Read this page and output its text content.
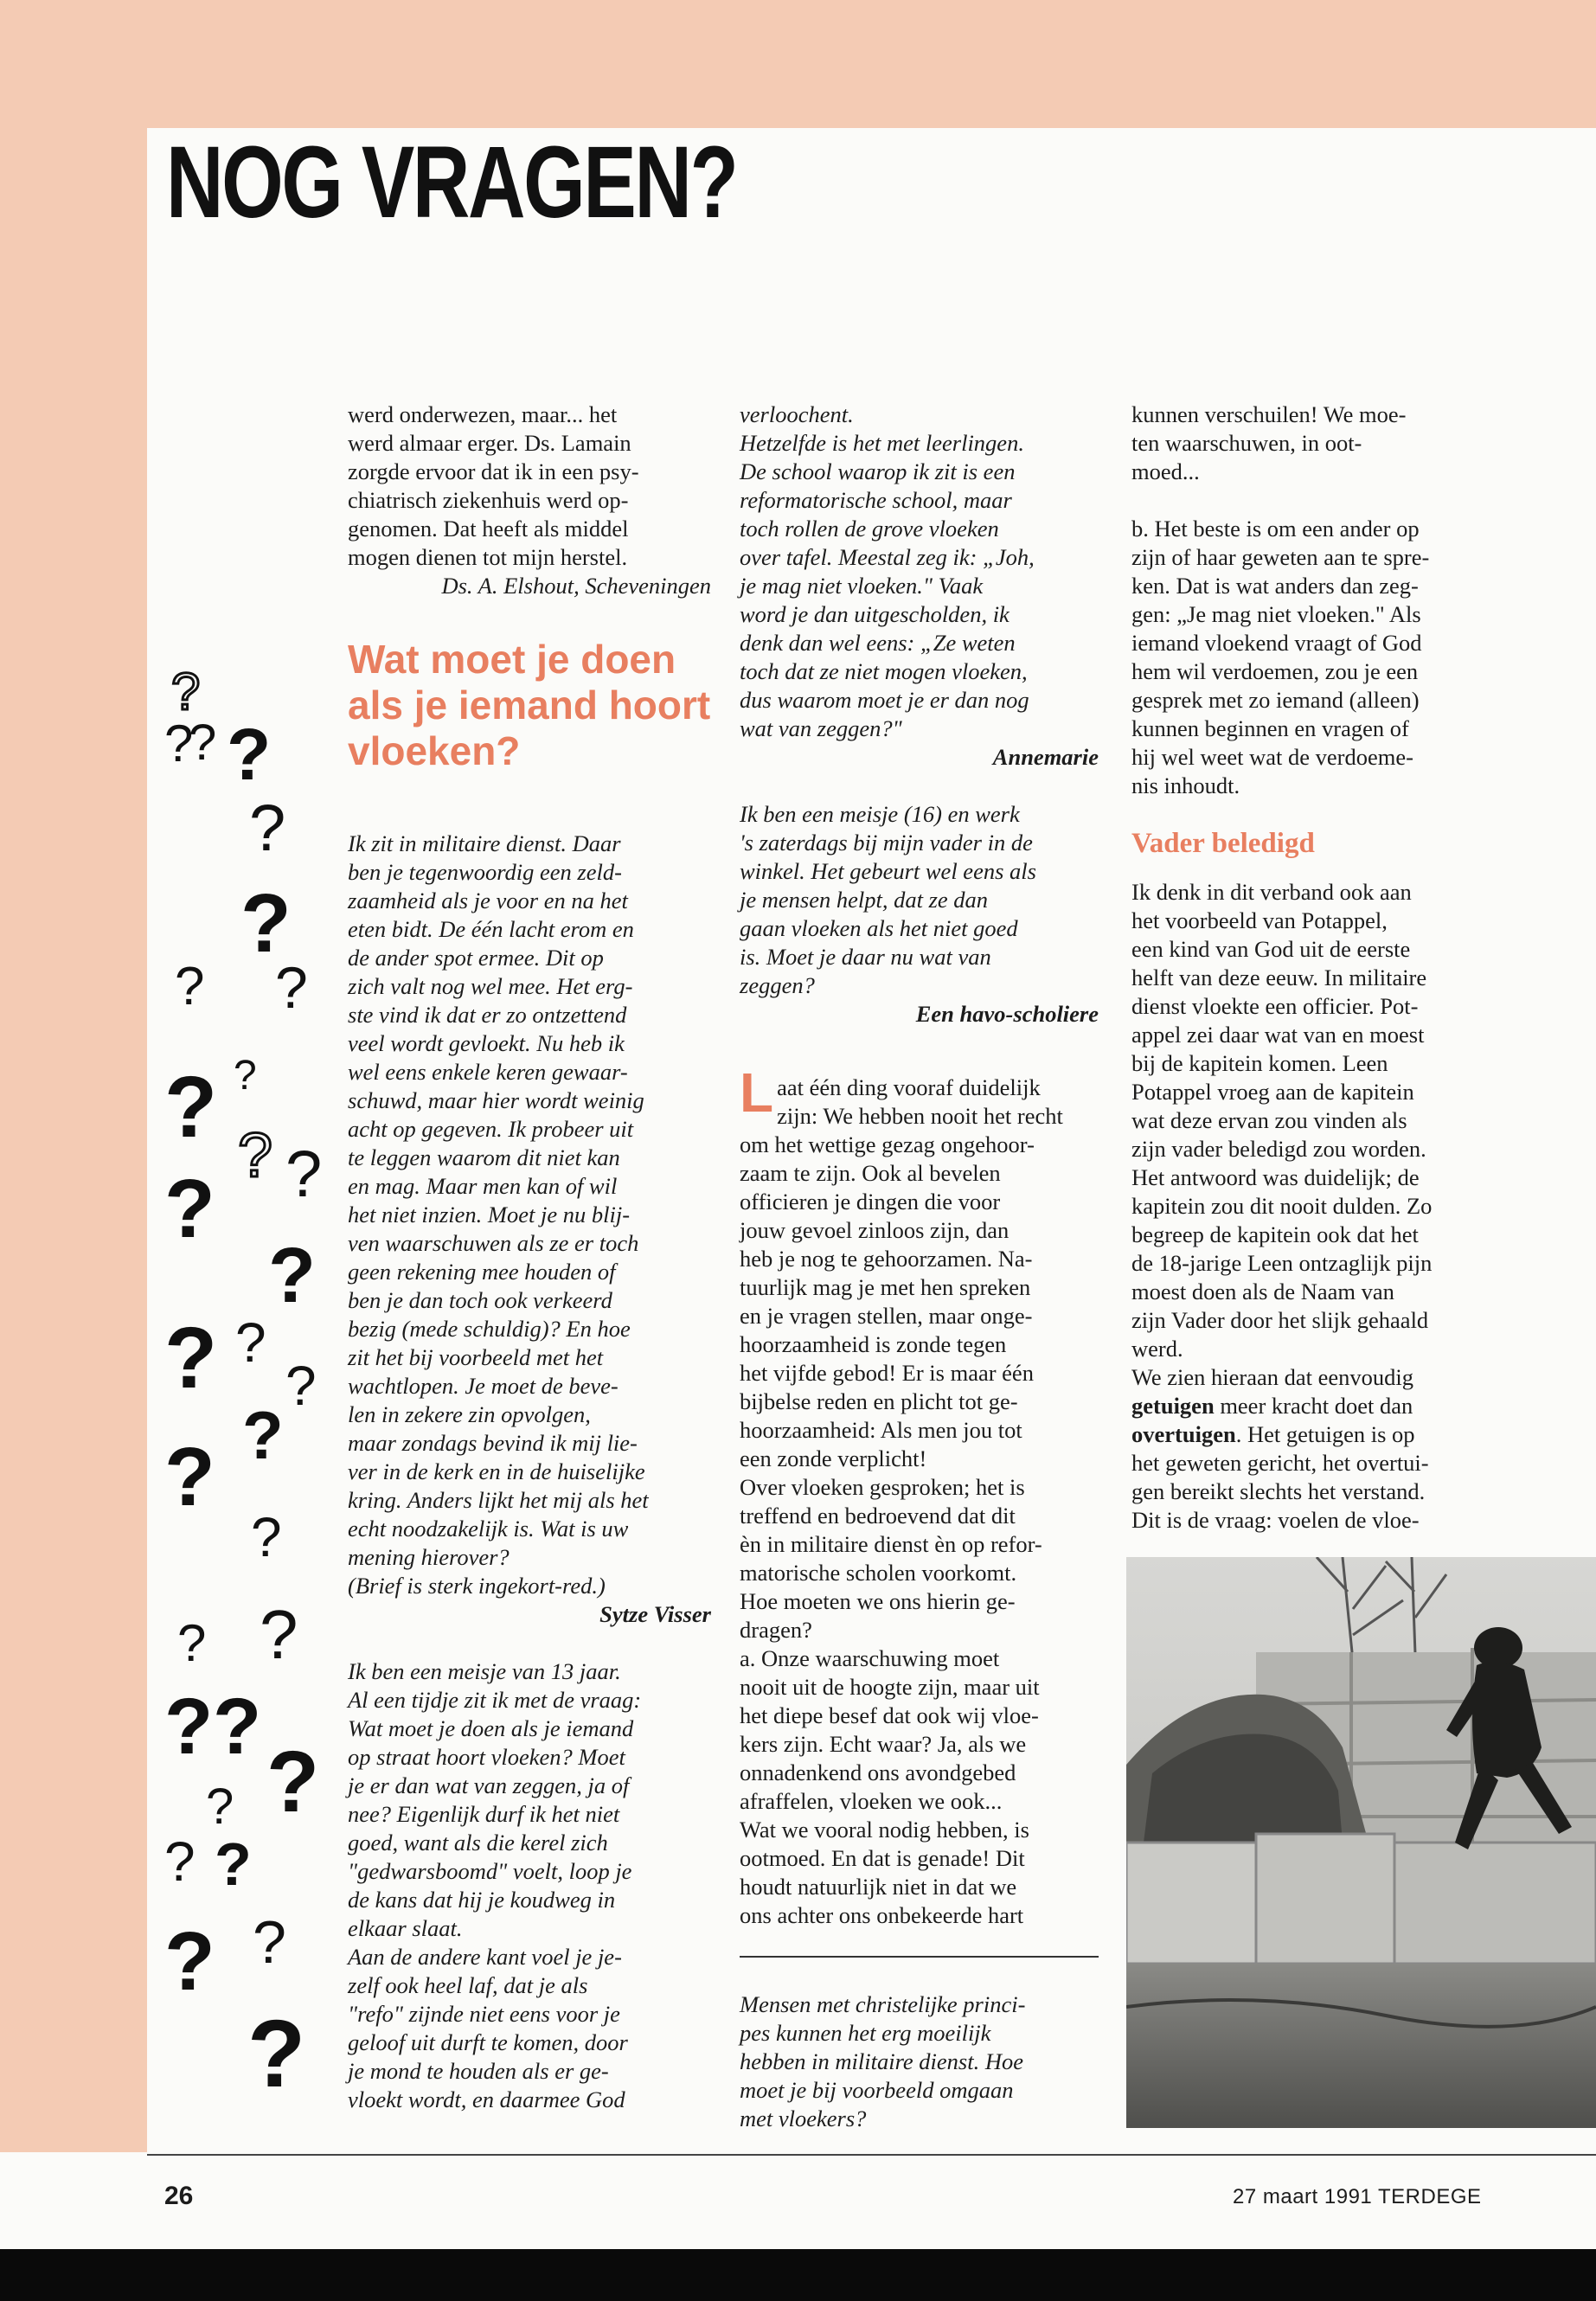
NOG VRAGEN?
?
?
? ?
?
?
? ?
?
? ? ?
?
?
? ?
?
?
?
?
?
?
? ?
?
?
? ?
? ?
?

werd onderwezen, maar... het

werd almaar erger. Ds. Lamain

zorgde ervoor dat ik in een psy-

chiatrisch ziekenhuis werd op-

genomen. Dat heeft als middel

mogen dienen tot mijn herstel.

Ds. A. Elshout, Scheveningen

Wat moet je doen als je iemand hoort vloeken?

Ik zit in militaire dienst. Daar

ben je tegenwoordig een zeld-

zaamheid als je voor en na het

eten bidt. De één lacht erom en

de ander spot ermee. Dit op

zich valt nog wel mee. Het erg-

ste vind ik dat er zo ontzettend

veel wordt gevloekt. Nu heb ik

wel eens enkele keren gewaar-

schuwd, maar hier wordt weinig

acht op gegeven. Ik probeer uit

te leggen waarom dit niet kan

en mag. Maar men kan of wil

het niet inzien. Moet je nu blij-

ven waarschuwen als ze er toch

geen rekening mee houden of

ben je dan toch ook verkeerd

bezig (mede schuldig)? En hoe

zit het bij voorbeeld met het

wachtlopen. Je moet de beve-

len in zekere zin opvolgen,

maar zondags bevind ik mij lie-

ver in de kerk en in de huiselijke

kring. Anders lijkt het mij als het

echt noodzakelijk is. Wat is uw

mening hierover?

(Brief is sterk ingekort-red.)

Sytze Visser

Ik ben een meisje van 13 jaar.

Al een tijdje zit ik met de vraag:

Wat moet je doen als je iemand

op straat hoort vloeken? Moet

je er dan wat van zeggen, ja of

nee? Eigenlijk durf ik het niet

goed, want als die kerel zich

"gedwarsboomd" voelt, loop je

de kans dat hij je koudweg in

elkaar slaat.

Aan de andere kant voel je je-

zelf ook heel laf, dat je als

"refo" zijnde niet eens voor je

geloof uit durft te komen, door

je mond te houden als er ge-

vloekt wordt, en daarmee God

verloochent.

Hetzelfde is het met leerlingen.

De school waarop ik zit is een

reformatorische school, maar

toch rollen de grove vloeken

over tafel. Meestal zeg ik: „Joh,

je mag niet vloeken." Vaak

word je dan uitgescholden, ik

denk dan wel eens: „Ze weten

toch dat ze niet mogen vloeken,

dus waarom moet je er dan nog

wat van zeggen?"

Annemarie

Ik ben een meisje (16) en werk

's zaterdags bij mijn vader in de

winkel. Het gebeurt wel eens als

je mensen helpt, dat ze dan

gaan vloeken als het niet goed

is. Moet je daar nu wat van

zeggen?

Een havo-scholiere

Laat één ding vooraf duidelijk

zijn: We hebben nooit het recht

om het wettige gezag ongehoor-

zaam te zijn. Ook al bevelen

officieren je dingen die voor

jouw gevoel zinloos zijn, dan

heb je nog te gehoorzamen. Na-

tuurlijk mag je met hen spreken

en je vragen stellen, maar onge-

hoorzaamheid is zonde tegen

het vijfde gebod! Er is maar één

bijbelse reden en plicht tot ge-

hoorzaamheid: Als men jou tot

een zonde verplicht!

Over vloeken gesproken; het is

treffend en bedroevend dat dit

èn in militaire dienst èn op refor-

matorische scholen voorkomt.

Hoe moeten we ons hierin ge-

dragen?

a. Onze waarschuwing moet

nooit uit de hoogte zijn, maar uit

het diepe besef dat ook wij vloe-

kers zijn. Echt waar? Ja, als we

onnadenkend ons avondgebed

afraffelen, vloeken we ook...

Wat we vooral nodig hebben, is

ootmoed. En dat is genade! Dit

houdt natuurlijk niet in dat we

ons achter ons onbekeerde hart

Mensen met christelijke princi-

pes kunnen het erg moeilijk

hebben in militaire dienst. Hoe

moet je bij voorbeeld omgaan

met vloekers?

kunnen verschuilen! We moe-

ten waarschuwen, in oot-

moed...

b. Het beste is om een ander op

zijn of haar geweten aan te spre-

ken. Dat is wat anders dan zeg-

gen: „Je mag niet vloeken." Als

iemand vloekend vraagt of God

hem wil verdoemen, zou je een

gesprek met zo iemand (alleen)

kunnen beginnen en vragen of

hij wel weet wat de verdoeme-

nis inhoudt.

Vader beledigd

Ik denk in dit verband ook aan

het voorbeeld van Potappel,

een kind van God uit de eerste

helft van deze eeuw. In militaire

dienst vloekte een officier. Pot-

appel zei daar wat van en moest

bij de kapitein komen. Leen

Potappel vroeg aan de kapitein

wat deze ervan zou vinden als

zijn vader beledigd zou worden.

Het antwoord was duidelijk; de

kapitein zou dit nooit dulden. Zo

begreep de kapitein ook dat het

de 18-jarige Leen ontzaglijk pijn

moest doen als de Naam van

zijn Vader door het slijk gehaald

werd.

We zien hieraan dat eenvoudig

getuigen meer kracht doet dan

overtuigen. Het getuigen is op

het geweten gericht, het overtui-

gen bereikt slechts het verstand.

Dit is de vraag: voelen de vloe-

26	27 maart 1991 TERDEGE
